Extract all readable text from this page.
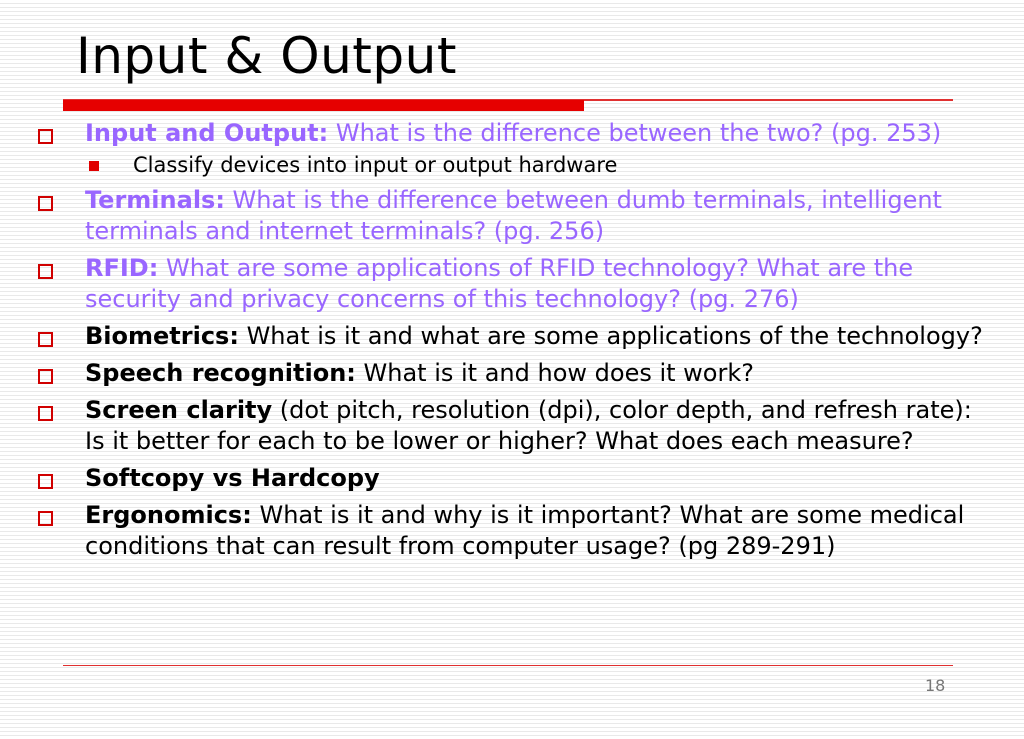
Input & Output
Input and Output: What is the difference between the two? (pg. 253)
Classify devices into input or output hardware
Terminals: What is the difference between dumb terminals, intelligent terminals and internet terminals? (pg. 256)
RFID: What are some applications of RFID technology? What are the security and privacy concerns of this technology? (pg. 276)
Biometrics: What is it and what are some applications of the technology?
Speech recognition: What is it and how does it work?
Screen clarity (dot pitch, resolution (dpi), color depth, and refresh rate): Is it better for each to be lower or higher? What does each measure?
Softcopy vs Hardcopy
Ergonomics: What is it and why is it important? What are some medical conditions that can result from computer usage? (pg 289-291)
18
